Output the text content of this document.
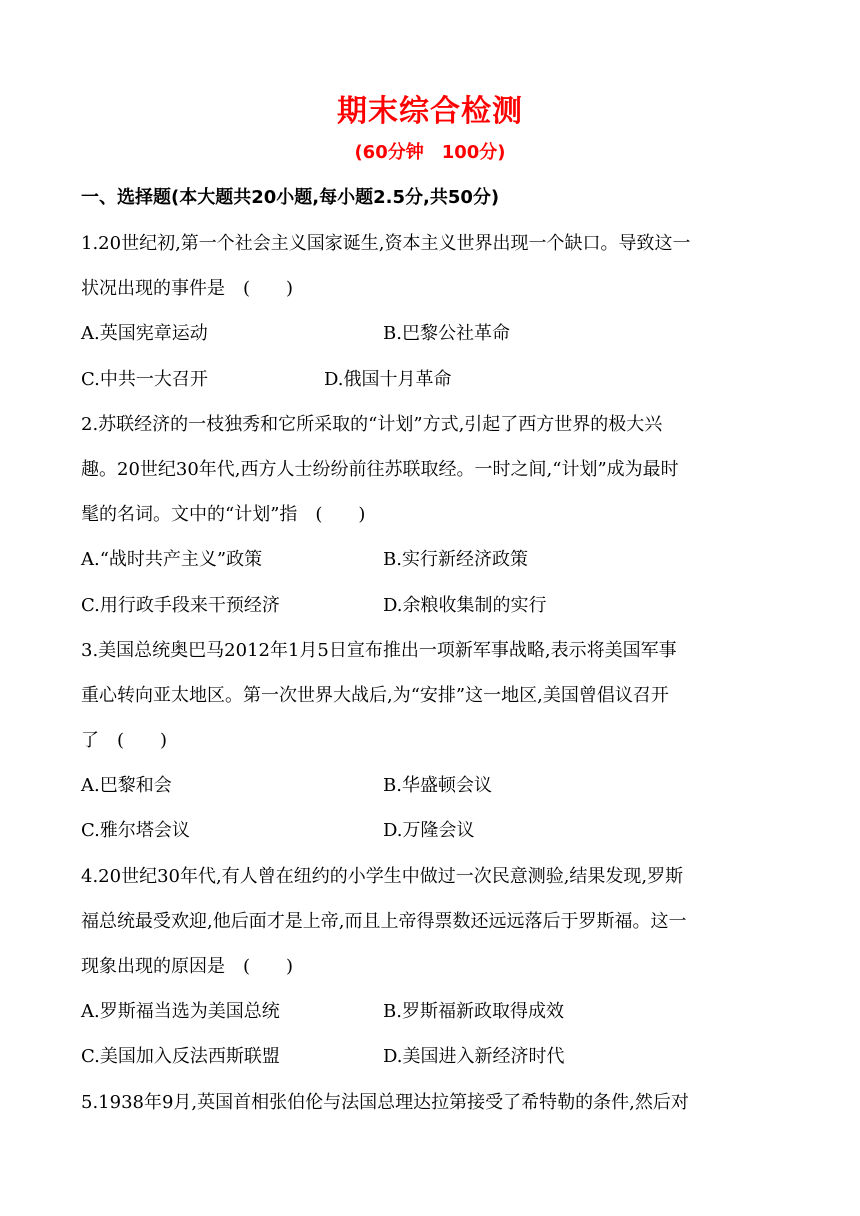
期末综合检测
(60分钟　100分)
一、选择题(本大题共20小题,每小题2.5分,共50分)
1.20世纪初,第一个社会主义国家诞生,资本主义世界出现一个缺口。导致这一
状况出现的事件是　(　　)
A.英国宪章运动	B.巴黎公社革命
C.中共一大召开	D.俄国十月革命
2.苏联经济的一枝独秀和它所采取的“计划”方式,引起了西方世界的极大兴
趣。20世纪30年代,西方人士纷纷前往苏联取经。一时之间,“计划”成为最时
髦的名词。文中的“计划”指　(　　)
A.“战时共产主义”政策	B.实行新经济政策
C.用行政手段来干预经济	D.余粮收集制的实行
3.美国总统奥巴马2012年1月5日宣布推出一项新军事战略,表示将美国军事
重心转向亚太地区。第一次世界大战后,为“安排”这一地区,美国曾倡议召开
了　(　　)
A.巴黎和会	B.华盛顿会议
C.雅尔塔会议	D.万隆会议
4.20世纪30年代,有人曾在纽约的小学生中做过一次民意测验,结果发现,罗斯
福总统最受欢迎,他后面才是上帝,而且上帝得票数还远远落后于罗斯福。这一
现象出现的原因是　(　　)
A.罗斯福当选为美国总统	B.罗斯福新政取得成效
C.美国加入反法西斯联盟	D.美国进入新经济时代
5.1938年9月,英国首相张伯伦与法国总理达拉第接受了希特勒的条件,然后对
